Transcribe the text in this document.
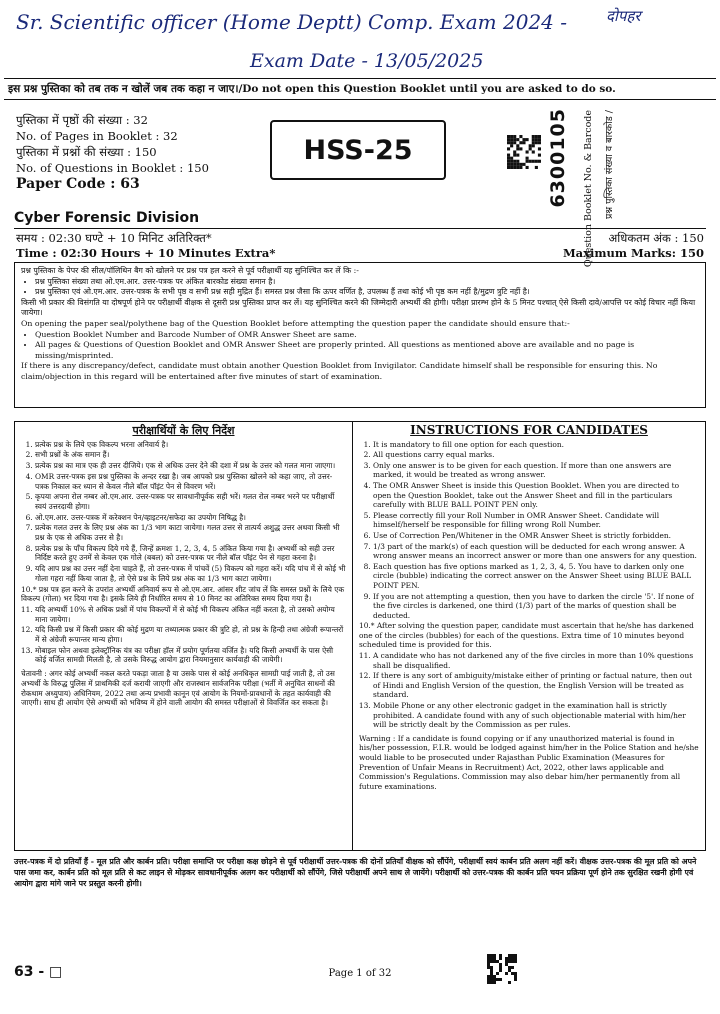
Sr. Scientific officer (Home Deptt) Comp. Exam 2024 -	दोपहर
Exam Date - 13/05/2025
इस प्रश्न पुस्तिका को तब तक न खोलें जब तक कहा न जाए।/Do not open this Question Booklet until you are asked to do so.
पुस्तिका में पृष्ठों की संख्या : 32
No. of Pages in Booklet : 32
पुस्तिका में प्रश्नों की संख्या : 150
No. of Questions in Booklet : 150
Paper Code : 63
HSS-25	6300105 Question Booklet No. & Barcode प्रश्न पुस्तिका संख्या व बारकोड /
Cyber Forensic Division
समय : 02:30 घण्टे + 10 मिनिट अतिरिक्त*
Time : 02:30 Hours + 10 Minutes Extra*
अधिकतम अंक : 150
Maximum Marks: 150
प्रश्न पुस्तिका के पेपर की सील/पॉलिथिन बैग को खोलने पर प्रश्न पत्र हल करने से पूर्व परीक्षार्थी यह सुनिश्चित कर लें कि :-
• प्रश्न पुस्तिका संख्या तथा ओ.एम.आर. उत्तर-पत्रक पर अंकित बारकोड संख्या समान है।
• प्रश्न पुस्तिका एवं ओ.एम.आर. उत्तर-पत्रक के सभी पृष्ठ व सभी प्रश्न सही मुद्रित हैं। समस्त प्रश्न जैसा कि ऊपर वर्णित है, उपलब्ध हैं तथा कोई भी पृष्ठ कम नहीं है/मुद्रण त्रुटि नहीं है।
किसी भी प्रकार की विसंगति या दोषपूर्ण होने पर परीक्षार्थी वीक्षक से दूसरी प्रश्न पुस्तिका प्राप्त कर लें। यह सुनिश्चित करने की जिम्मेदारी अभ्यर्थी की होगी। परीक्षा प्रारम्भ होने के 5 मिनट पश्चात् ऐसे किसी दावे/आपत्ति पर कोई विचार नहीं किया जायेगा।
On opening the paper seal/polythene bag of the Question Booklet before attempting the question paper the candidate should ensure that:-
• Question Booklet Number and Barcode Number of OMR Answer Sheet are same.
• All pages & Questions of Question Booklet and OMR Answer Sheet are properly printed. All questions as mentioned above are available and no page is missing/misprinted.
If there is any discrepancy/defect, candidate must obtain another Question Booklet from Invigilator. Candidate himself shall be responsible for ensuring this. No claim/objection in this regard will be entertained after five minutes of start of examination.
परीक्षार्थियों के लिए निर्देश
1. प्रत्येक प्रश्न के लिये एक विकल्प भरना अनिवार्य है।
2. सभी प्रश्नों के अंक समान हैं।
3. प्रत्येक प्रश्न का मात्र एक ही उत्तर दीजिये। एक से अधिक उत्तर देने की दशा में प्रश्न के उत्तर को गलत माना जाएगा।
4. OMR उत्तर-पत्रक इस प्रश्न पुस्तिका के अन्दर रखा है। जब आपको प्रश्न पुस्तिका खोलने को कहा जाए, तो उत्तर-पत्रक निकाल कर ध्यान से केवल नीले बॉल पॉइंट पेन से विवरण भरें।
5. कृपया अपना रोल नम्बर ओ.एम.आर. उत्तर-पत्रक पर सावधानीपूर्वक सही भरें। गलत रोल नम्बर भरने पर परीक्षार्थी स्वयं उत्तरदायी होगा।
6. ओ.एम.आर. उत्तर-पत्रक में करेक्शन पेन/व्हाइटनर/सफेदा का उपयोग निषिद्ध है।
7. प्रत्येक गलत उत्तर के लिए प्रश्न अंक का 1/3 भाग काटा जायेगा। गलत उत्तर से तात्पर्य अशुद्ध उत्तर अथवा किसी भी प्रश्न के एक से अधिक उत्तर से है।
8. प्रत्येक प्रश्न के पाँच विकल्प दिये गये हैं, जिन्हें क्रमशः 1, 2, 3, 4, 5 अंकित किया गया है। अभ्यर्थी को सही उत्तर निर्दिष्ट करते हुए उनमें से केवल एक गोले (बबल) को उत्तर-पत्रक पर नीले बॉल पॉइंट पेन से गहरा करना है।
9. यदि आप प्रश्न का उत्तर नहीं देना चाहते हैं, तो उत्तर-पत्रक में पांचवें (5) विकल्प को गहरा करें। यदि पांच में से कोई भी गोला गहरा नहीं किया जाता है, तो ऐसे प्रश्न के लिये प्रश्न अंक का 1/3 भाग काटा जायेगा।
10.* प्रश्न पत्र हल करने के उपरांत अभ्यर्थी अनिवार्य रूप से ओ.एम.आर. आंसर शीट जांच लें कि समस्त प्रश्नों के लिये एक विकल्प (गोला) भर दिया गया है। इसके लिये ही निर्धारित समय से 10 मिनट का अतिरिक्त समय दिया गया है।
11. यदि अभ्यर्थी 10% से अधिक प्रश्नों में पांच विकल्पों में से कोई भी विकल्प अंकित नहीं करता है, तो उसको अयोग्य माना जायेगा।
12. यदि किसी प्रश्न में किसी प्रकार की कोई मुद्रण या तथ्यात्मक प्रकार की त्रुटि हो, तो प्रश्न के हिन्दी तथा अंग्रेजी रूपान्तरों में से अंग्रेजी रूपान्तर मान्य होगा।
13. मोबाइल फोन अथवा इलेक्ट्रॉनिक यंत्र का परीक्षा हॉल में प्रयोग पूर्णतया वर्जित है। यदि किसी अभ्यर्थी के पास ऐसी कोई वर्जित सामग्री मिलती है, तो उसके विरुद्ध आयोग द्वारा नियमानुसार कार्यवाही की जायेगी।
चेतावनी : अगर कोई अभ्यर्थी नकल करते पकड़ा जाता है या उसके पास से कोई अनधिकृत सामग्री पाई जाती है, तो उस अभ्यर्थी के विरुद्ध पुलिस में प्राथमिकी दर्ज करायी जाएगी और राजस्थान सार्वजनिक परीक्षा (भर्ती में अनुचित साधनों की रोकथाम अध्युपाय) अधिनियम, 2022 तथा अन्य प्रभावी कानून एवं आयोग के नियमों-प्रावधानों के तहत कार्यवाही की जाएगी। साथ ही आयोग ऐसे अभ्यर्थी को भविष्य में होने वाली आयोग की समस्त परीक्षाओं से विवर्जित कर सकता है।
INSTRUCTIONS FOR CANDIDATES
1. It is mandatory to fill one option for each question.
2. All questions carry equal marks.
3. Only one answer is to be given for each question. If more than one answers are marked, it would be treated as wrong answer.
4. The OMR Answer Sheet is inside this Question Booklet. When you are directed to open the Question Booklet, take out the Answer Sheet and fill in the particulars carefully with BLUE BALL POINT PEN only.
5. Please correctly fill your Roll Number in OMR Answer Sheet. Candidate will himself/herself be responsible for filling wrong Roll Number.
6. Use of Correction Pen/Whitener in the OMR Answer Sheet is strictly forbidden.
7. 1/3 part of the mark(s) of each question will be deducted for each wrong answer. A wrong answer means an incorrect answer or more than one answers for any question.
8. Each question has five options marked as 1, 2, 3, 4, 5. You have to darken only one circle (bubble) indicating the correct answer on the Answer Sheet using BLUE BALL POINT PEN.
9. If you are not attempting a question, then you have to darken the circle '5'. If none of the five circles is darkened, one third (1/3) part of the marks of question shall be deducted.
10.* After solving the question paper, candidate must ascertain that he/she has darkened one of the circles (bubbles) for each of the questions. Extra time of 10 minutes beyond scheduled time is provided for this.
11. A candidate who has not darkened any of the five circles in more than 10% questions shall be disqualified.
12. If there is any sort of ambiguity/mistake either of printing or factual nature, then out of Hindi and English Version of the question, the English Version will be treated as standard.
13. Mobile Phone or any other electronic gadget in the examination hall is strictly prohibited. A candidate found with any of such objectionable material with him/her will be strictly dealt by the Commission as per rules.
Warning : If a candidate is found copying or if any unauthorized material is found in his/her possession, F.I.R. would be lodged against him/her in the Police Station and he/she would liable to be prosecuted under Rajasthan Public Examination (Measures for Prevention of Unfair Means in Recruitment) Act, 2022, other laws applicable and Commission's Regulations. Commission may also debar him/her permanently from all future examinations.
उत्तर-पत्रक में दो प्रतियाँ हैं - मूल प्रति और कार्बन प्रति। परीक्षा समाप्ति पर परीक्षा कक्ष छोड़ने से पूर्व परीक्षार्थी उत्तर-पत्रक की दोनों प्रतियाँ वीक्षक को सौंपेंगे, परीक्षार्थी स्वयं कार्बन प्रति अलग नहीं करें। वीक्षक उत्तर-पत्रक की मूल प्रति को अपने पास जमा कर, कार्बन प्रति को मूल प्रति से कट लाइन से मोड़कर सावधानीपूर्वक अलग कर परीक्षार्थी को सौंपेंगे, जिसे परीक्षार्थी अपने साथ ले जायेंगे। परीक्षार्थी को उत्तर-पत्रक की कार्बन प्रति चयन प्रक्रिया पूर्ण होने तक सुरक्षित रखनी होगी एवं आयोग द्वारा मांगे जाने पर प्रस्तुत करनी होगी।
63 - □	Page 1 of 32
